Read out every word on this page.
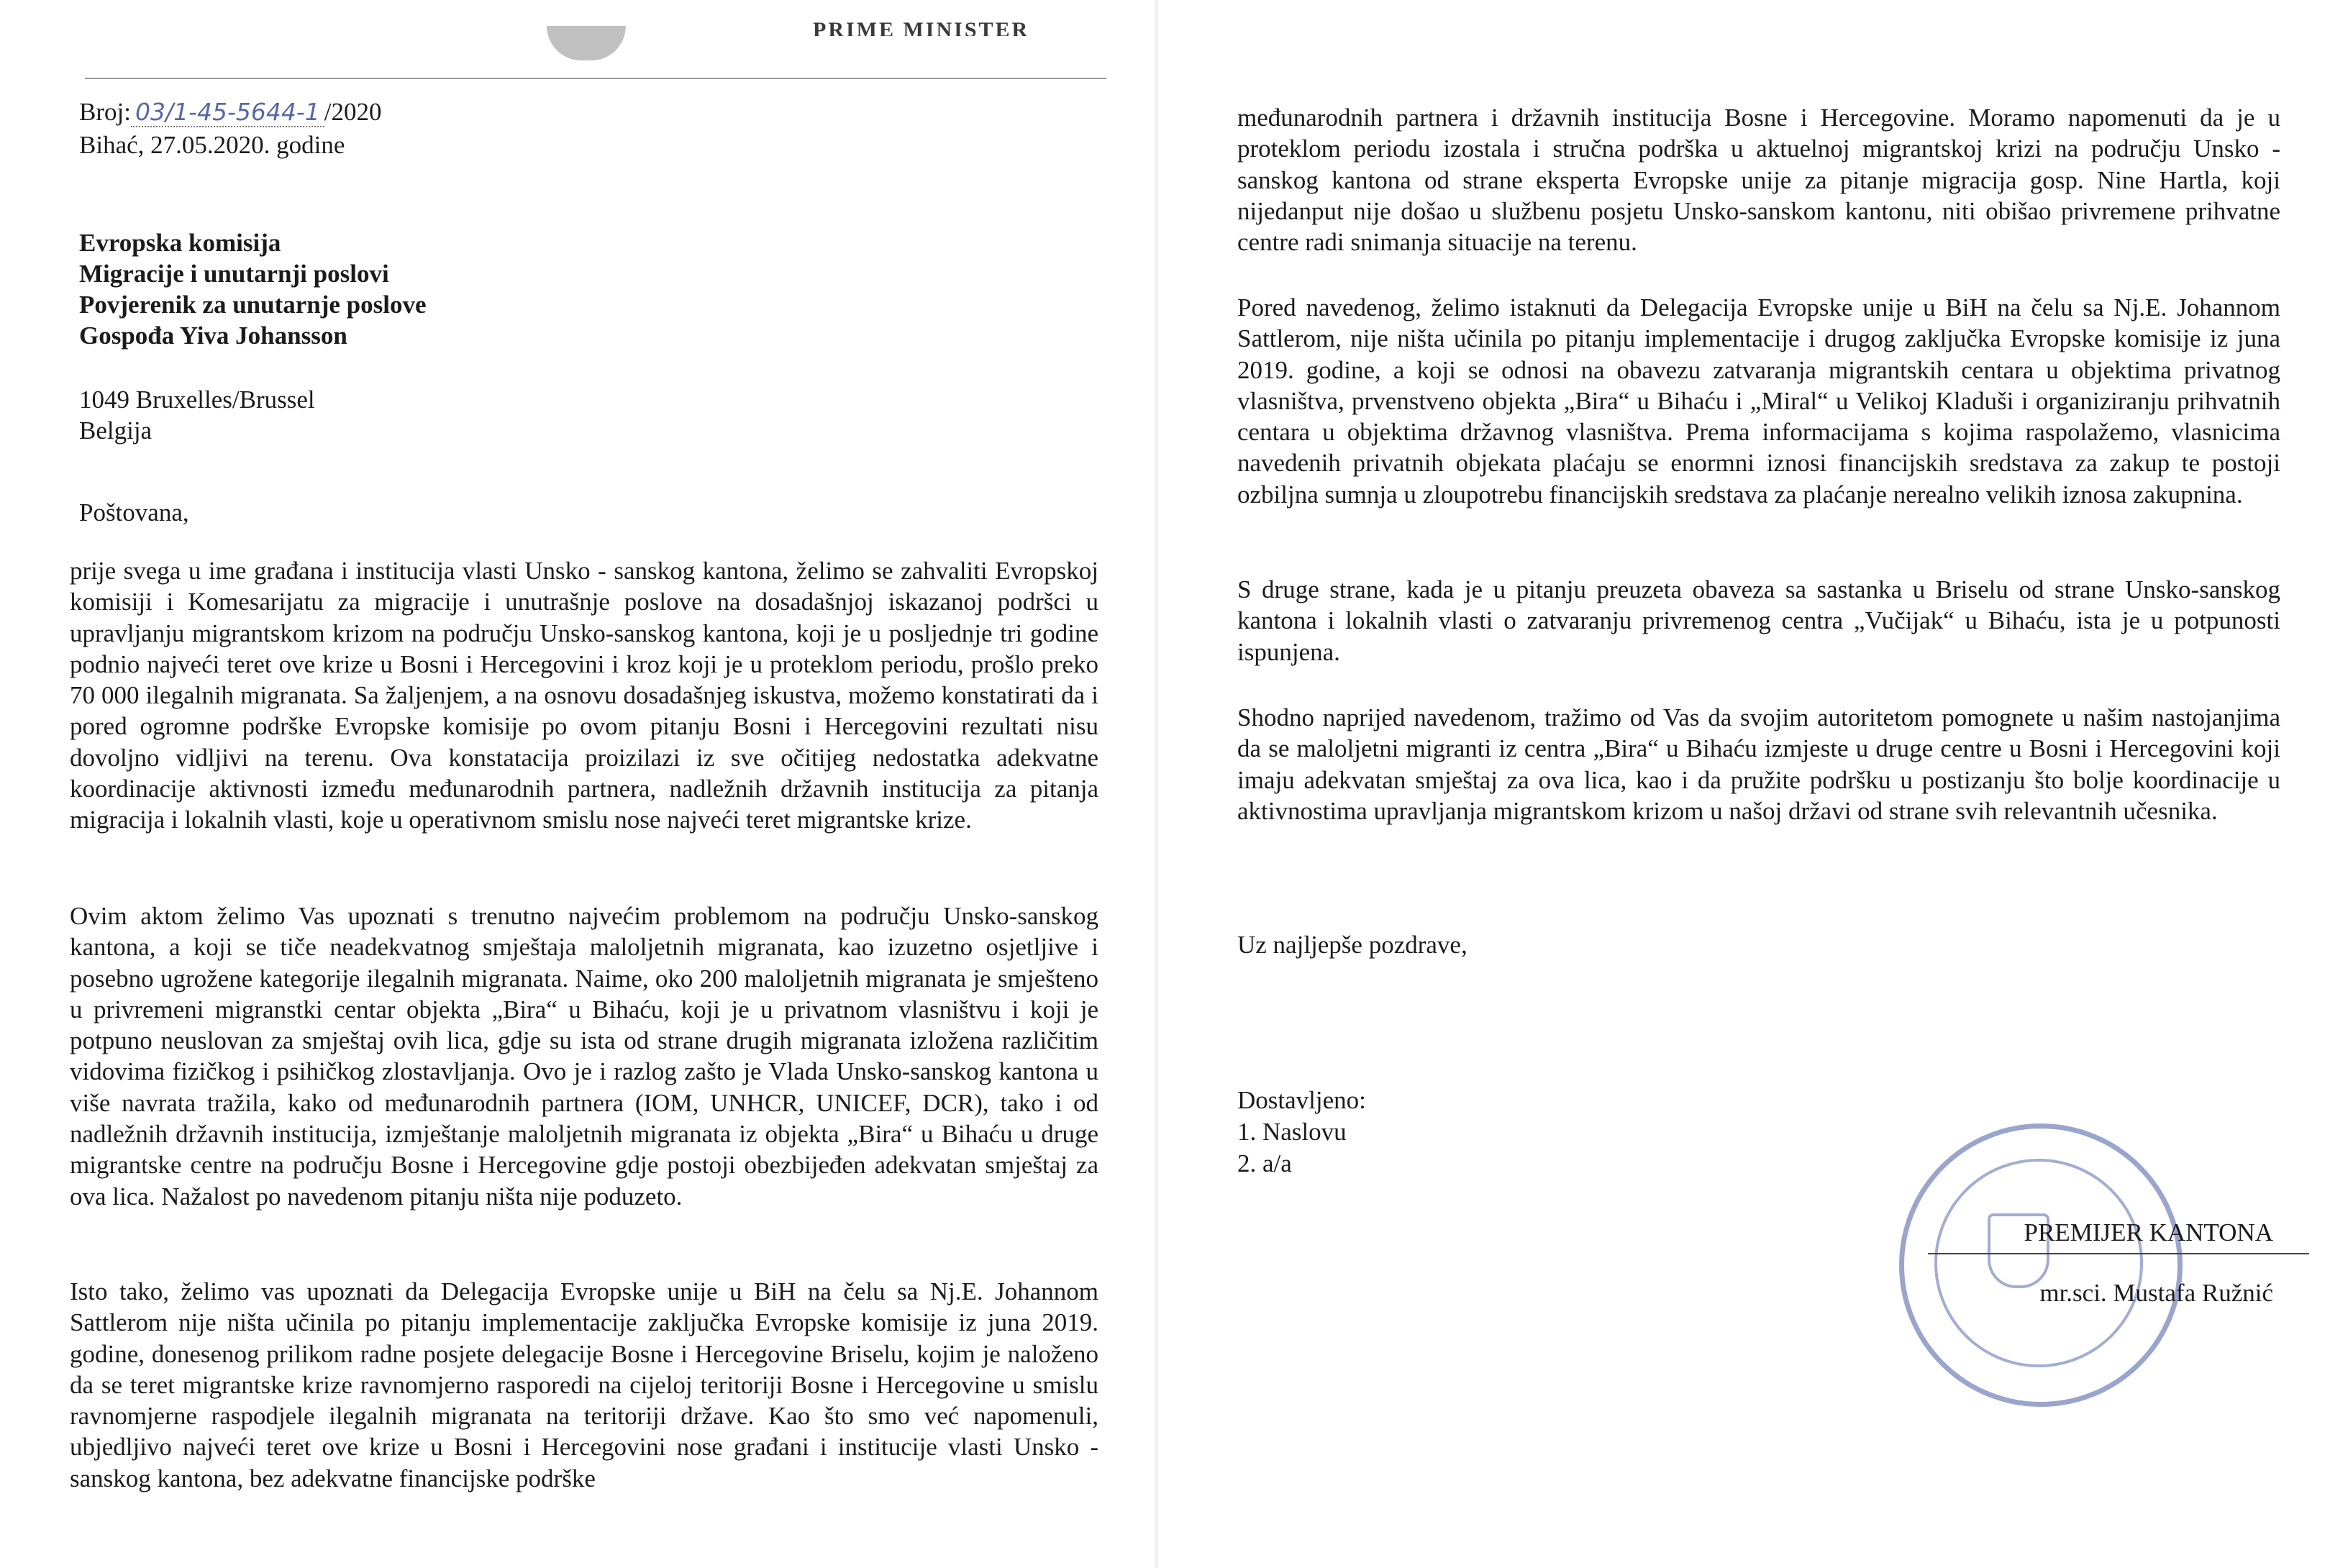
PRIME MINISTER
Broj: 03/1-45-5644-1 /2020
Bihać, 27.05.2020. godine
Evropska komisija
Migracije i unutarnji poslovi
Povjerenik za unutarnje poslove
Gospođa Yiva Johansson
1049 Bruxelles/Brussel
Belgija
Poštovana,

prije svega u ime građana i institucija vlasti Unsko - sanskog kantona, želimo se zahvaliti Evropskoj komisiji i Komesarijatu za migracije i unutrašnje poslove na dosadašnjoj iskazanoj podršci u upravljanju migrantskom krizom na području Unsko-sanskog kantona, koji je u posljednje tri godine podnio najveći teret ove krize u Bosni i Hercegovini i kroz koji je u proteklom periodu, prošlo preko 70 000 ilegalnih migranata. Sa žaljenjem, a na osnovu dosadašnjeg iskustva, možemo konstatirati da i pored ogromne podrške Evropske komisije po ovom pitanju Bosni i Hercegovini rezultati nisu dovoljno vidljivi na terenu. Ova konstatacija proizilazi iz sve očitijeg nedostatka adekvatne koordinacije aktivnosti između međunarodnih partnera, nadležnih državnih institucija za pitanja migracija i lokalnih vlasti, koje u operativnom smislu nose najveći teret migrantske krize.

Ovim aktom želimo Vas upoznati s trenutno najvećim problemom na području Unsko-sanskog kantona, a koji se tiče neadekvatnog smještaja maloljetnih migranata, kao izuzetno osjetljive i posebno ugrožene kategorije ilegalnih migranata. Naime, oko 200 maloljetnih migranata je smješteno u privremeni migranstki centar objekta „Bira“ u Bihaću, koji je u privatnom vlasništvu i koji je potpuno neuslovan za smještaj ovih lica, gdje su ista od strane drugih migranata izložena različitim vidovima fizičkog i psihičkog zlostavljanja. Ovo je i razlog zašto je Vlada Unsko-sanskog kantona u više navrata tražila, kako od međunarodnih partnera (IOM, UNHCR, UNICEF, DCR), tako i od nadležnih državnih institucija, izmještanje maloljetnih migranata iz objekta „Bira“ u Bihaću u druge migrantske centre na području Bosne i Hercegovine gdje postoji obezbijeđen adekvatan smještaj za ova lica. Nažalost po navedenom pitanju ništa nije poduzeto.

Isto tako, želimo vas upoznati da Delegacija Evropske unije u BiH na čelu sa Nj.E. Johannom Sattlerom nije ništa učinila po pitanju implementacije zaključka Evropske komisije iz juna 2019. godine, donesenog prilikom radne posjete delegacije Bosne i Hercegovine Briselu, kojim je naloženo da se teret migrantske krize ravnomjerno rasporedi na cijeloj teritoriji Bosne i Hercegovine u smislu ravnomjerne raspodjele ilegalnih migranata na teritoriji države. Kao što smo već napomenuli, ubjedljivo najveći teret ove krize u Bosni i Hercegovini nose građani i institucije vlasti Unsko - sanskog kantona, bez adekvatne financijske podrške

međunarodnih partnera i državnih institucija Bosne i Hercegovine. Moramo napomenuti da je u proteklom periodu izostala i stručna podrška u aktuelnoj migrantskoj krizi na području Unsko - sanskog kantona od strane eksperta Evropske unije za pitanje migracija gosp. Nine Hartla, koji nijedanput nije došao u službenu posjetu Unsko-sanskom kantonu, niti obišao privremene prihvatne centre radi snimanja situacije na terenu.

Pored navedenog, želimo istaknuti da Delegacija Evropske unije u BiH na čelu sa Nj.E. Johannom Sattlerom, nije ništa učinila po pitanju implementacije i drugog zaključka Evropske komisije iz juna 2019. godine, a koji se odnosi na obavezu zatvaranja migrantskih centara u objektima privatnog vlasništva, prvenstveno objekta „Bira“ u Bihaću i „Miral“ u Velikoj Kladuši i organiziranju prihvatnih centara u objektima državnog vlasništva. Prema informacijama s kojima raspolažemo, vlasnicima navedenih privatnih objekata plaćaju se enormni iznosi financijskih sredstava za zakup te postoji ozbiljna sumnja u zloupotrebu financijskih sredstava za plaćanje nerealno velikih iznosa zakupnina.

S druge strane, kada je u pitanju preuzeta obaveza sa sastanka u Briselu od strane Unsko-sanskog kantona i lokalnih vlasti o zatvaranju privremenog centra „Vučijak“ u Bihaću, ista je u potpunosti ispunjena.

Shodno naprijed navedenom, tražimo od Vas da svojim autoritetom pomognete u našim nastojanjima da se maloljetni migranti iz centra „Bira“ u Bihaću izmjeste u druge centre u Bosni i Hercegovini koji imaju adekvatan smještaj za ova lica, kao i da pružite podršku u postizanju što bolje koordinacije u aktivnostima upravljanja migrantskom krizom u našoj državi od strane svih relevantnih učesnika.

Uz najljepše pozdrave,
Dostavljeno:
1. Naslovu
2. a/a
PREMIJER KANTONA
mr.sci. Mustafa Ružnić
